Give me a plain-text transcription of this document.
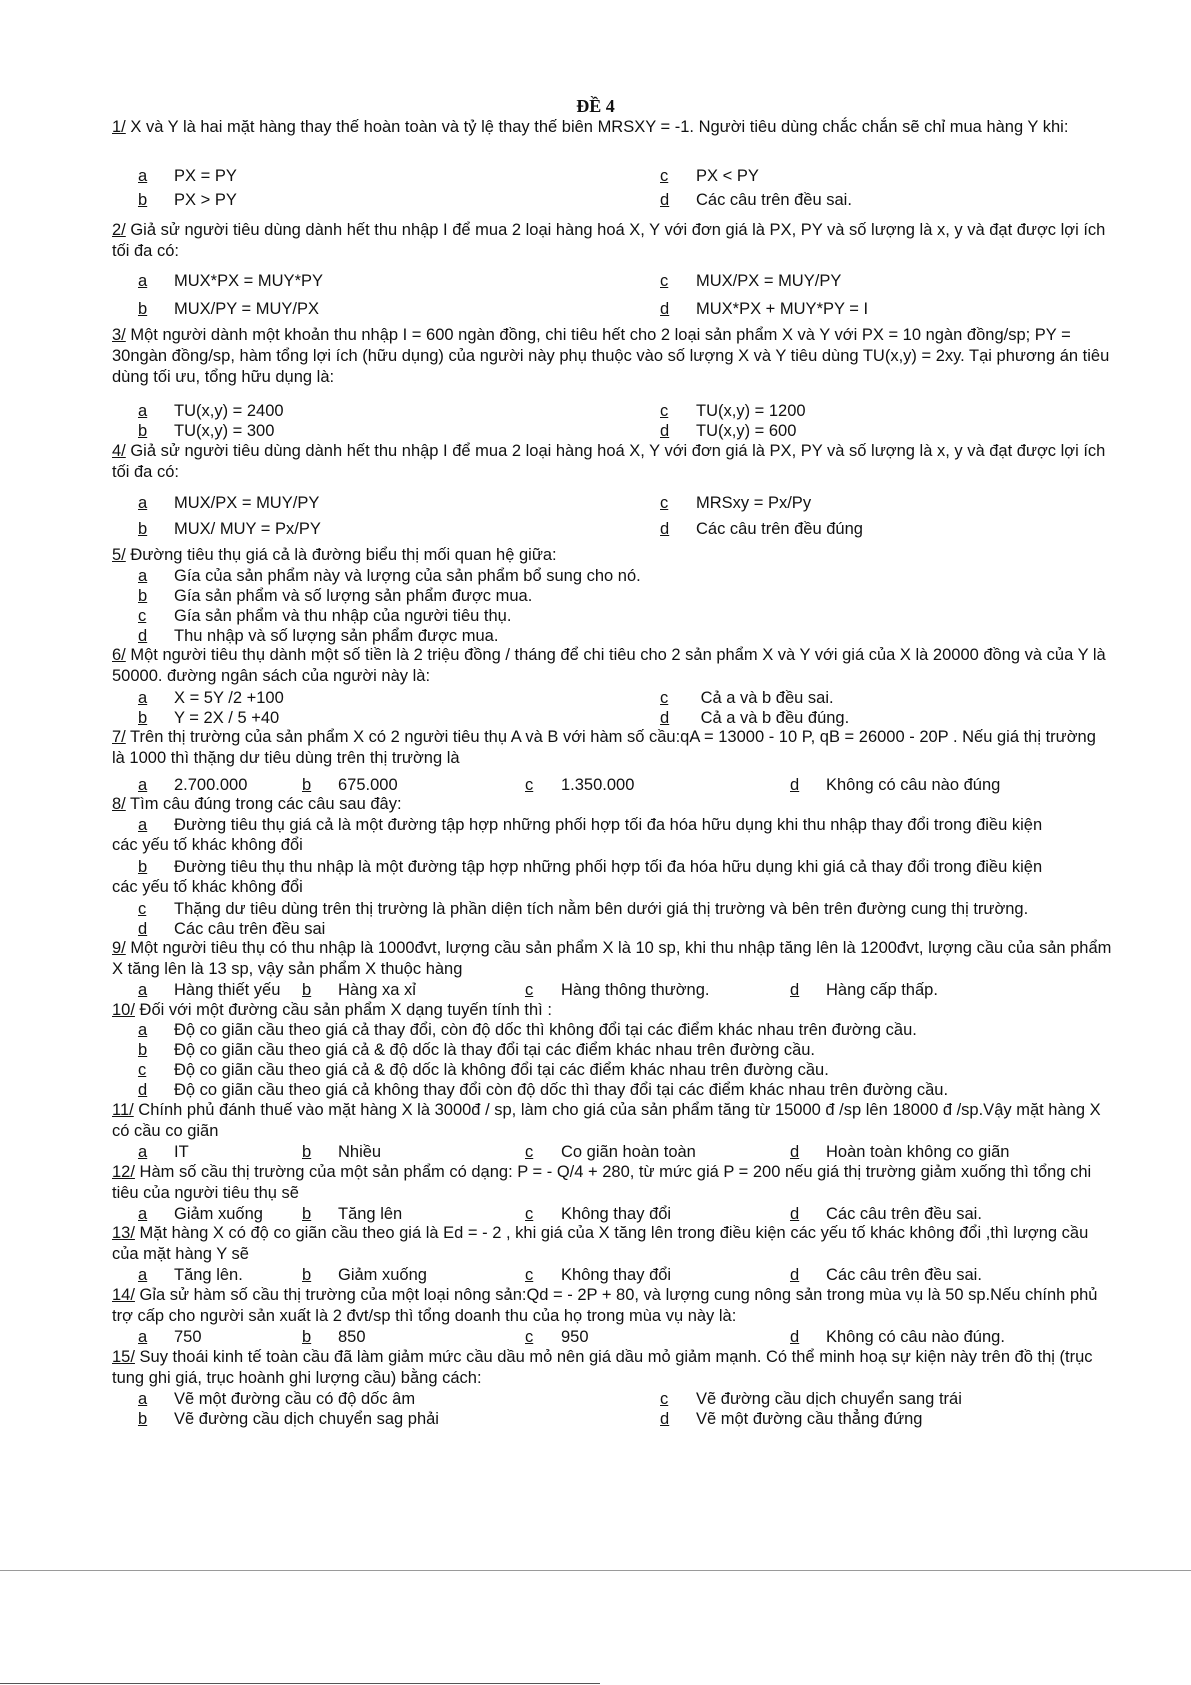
ĐỀ 4
1/ X và Y là hai mặt hàng thay thế hoàn toàn và tỷ lệ thay thế biên MRSXY = -1. Người tiêu dùng chắc chắn sẽ chỉ mua hàng Y khi:
a PX = PY	c PX < PY
b PX > PY	d Các câu trên đều sai.
2/ Giả sử người tiêu dùng dành hết thu nhập I để mua 2 loại hàng hoá X, Y với đơn giá là PX, PY và số lượng là x, y và đạt được lợi ích tối đa có:
a MUX*PX = MUY*PY	c MUX/PX = MUY/PY
b MUX/PY = MUY/PX	d MUX*PX + MUY*PY = I
3/ Một người dành một khoản thu nhập I = 600 ngàn đồng, chi tiêu hết cho 2 loại sản phẩm X và Y với PX = 10 ngàn đồng/sp; PY = 30ngàn đồng/sp, hàm tổng lợi ích (hữu dụng) của người này phụ thuộc vào số lượng X và Y tiêu dùng TU(x,y) = 2xy. Tại phương án tiêu dùng tối ưu, tổng hữu dụng là:
a TU(x,y) = 2400	c TU(x,y) = 1200
b TU(x,y) = 300	d TU(x,y) = 600
4/ Giả sử người tiêu dùng dành hết thu nhập I để mua 2 loại hàng hoá X, Y với đơn giá là PX, PY và số lượng là x, y và đạt được lợi ích tối đa có:
a MUX/PX = MUY/PY	c MRSxy = Px/Py
b MUX/ MUY = Px/PY	d Các câu trên đều đúng
5/ Đường tiêu thụ giá cả là đường biểu thị mối quan hệ giữa:
a Gía của sản phẩm này và lượng của sản phẩm bổ sung cho nó.
b Gía sản phẩm và số lượng sản phẩm được mua.
c Gía sản phẩm và thu nhập của người tiêu thụ.
d Thu nhập và số lượng sản phẩm được mua.
6/ Một người tiêu thụ dành một số tiền là 2 triệu đồng / tháng để chi tiêu cho 2 sản phẩm X và Y với giá của X là 20000 đồng và của Y là 50000. đường ngân sách của người này là:
a X = 5Y /2 +100	c Cả a và b đều sai.
b Y = 2X / 5 +40	d Cả a và b đều đúng.
7/ Trên thị trường của sản phẩm X có 2 người tiêu thụ A và B với hàm số cầu:qA = 13000 - 10 P, qB = 26000 - 20P . Nếu giá thị trường là 1000 thì thặng dư tiêu dùng trên thị trường là
a 2.700.000	b 675.000	c 1.350.000	d Không có câu nào đúng
8/ Tìm câu đúng trong các câu sau đây:
a Đường tiêu thụ giá cả là một đường tập hợp những phối hợp tối đa hóa hữu dụng khi thu nhập thay đổi trong điều kiện
các yếu tố khác không đổi
b Đường tiêu thụ thu nhập là một đường tập hợp những phối hợp tối đa hóa hữu dụng khi giá cả thay đổi trong điều kiện
các yếu tố khác không đổi
c Thặng dư tiêu dùng trên thị trường là phần diện tích nằm bên dưới giá thị trường và bên trên đường cung thị trường.
d Các câu trên đều sai
9/ Một người tiêu thụ có thu nhập là 1000đvt, lượng cầu sản phẩm X là 10 sp, khi thu nhập tăng lên là 1200đvt, lượng cầu của sản phẩm X tăng lên là 13 sp, vậy sản phẩm X thuộc hàng
a Hàng thiết yếu b Hàng xa xỉ	c Hàng thông thường.	d Hàng cấp thấp.
10/ Đối với một đường cầu sản phẩm X dạng tuyến tính thì :
a Độ co giãn cầu theo giá cả thay đổi, còn độ dốc thì không đổi tại các điểm khác nhau trên đường cầu.
b Độ co giãn cầu theo giá cả & độ dốc là thay đổi tại các điểm khác nhau trên đường cầu.
c Độ co giãn cầu theo giá cả & độ dốc là không đổi tại các điểm khác nhau trên đường cầu.
d Độ co giãn cầu theo giá cả không thay đổi còn độ dốc thì thay đổi tại các điểm khác nhau trên đường cầu.
11/ Chính phủ đánh thuế vào mặt hàng X là 3000đ / sp, làm cho giá của sản phẩm tăng từ 15000 đ /sp lên 18000 đ /sp.Vậy mặt hàng X có cầu co giãn
a IT	b Nhiều	c Co giãn hoàn toàn	d Hoàn toàn không co giãn
12/ Hàm số cầu thị trường của một sản phẩm có dạng: P = - Q/4 + 280, từ mức giá P = 200 nếu giá thị trường giảm xuống thì tổng chi tiêu của người tiêu thụ sẽ
a Giảm xuống b Tăng lên	c Không thay đổi	d Các câu trên đều sai.
13/ Mặt hàng X có độ co giãn cầu theo giá là Ed = - 2 , khi giá của X tăng lên trong điều kiện các yếu tố khác không đổi ,thì lượng cầu của mặt hàng Y sẽ
a Tăng lên.	b Giảm xuống	c Không thay đổi	d Các câu trên đều sai.
14/ Gỉa sử hàm số cầu thị trường của một loại nông sản:Qd = - 2P + 80, và lượng cung nông sản trong mùa vụ là 50 sp.Nếu chính phủ trợ cấp cho người sản xuất là 2 đvt/sp thì tổng doanh thu của họ trong mùa vụ này là:
a 750	b 850	c 950	d Không có câu nào đúng.
15/ Suy thoái kinh tế toàn cầu đã làm giảm mức cầu dầu mỏ nên giá dầu mỏ giảm mạnh. Có thể minh hoạ sự kiện này trên đồ thị (trục tung ghi giá, trục hoành ghi lượng cầu) bằng cách:
a Vẽ một đường cầu có độ dốc âm	c Vẽ đường cầu dịch chuyển sang trái
b Vẽ đường cầu dịch chuyển sag phải	d Vẽ một đường cầu thẳng đứng
